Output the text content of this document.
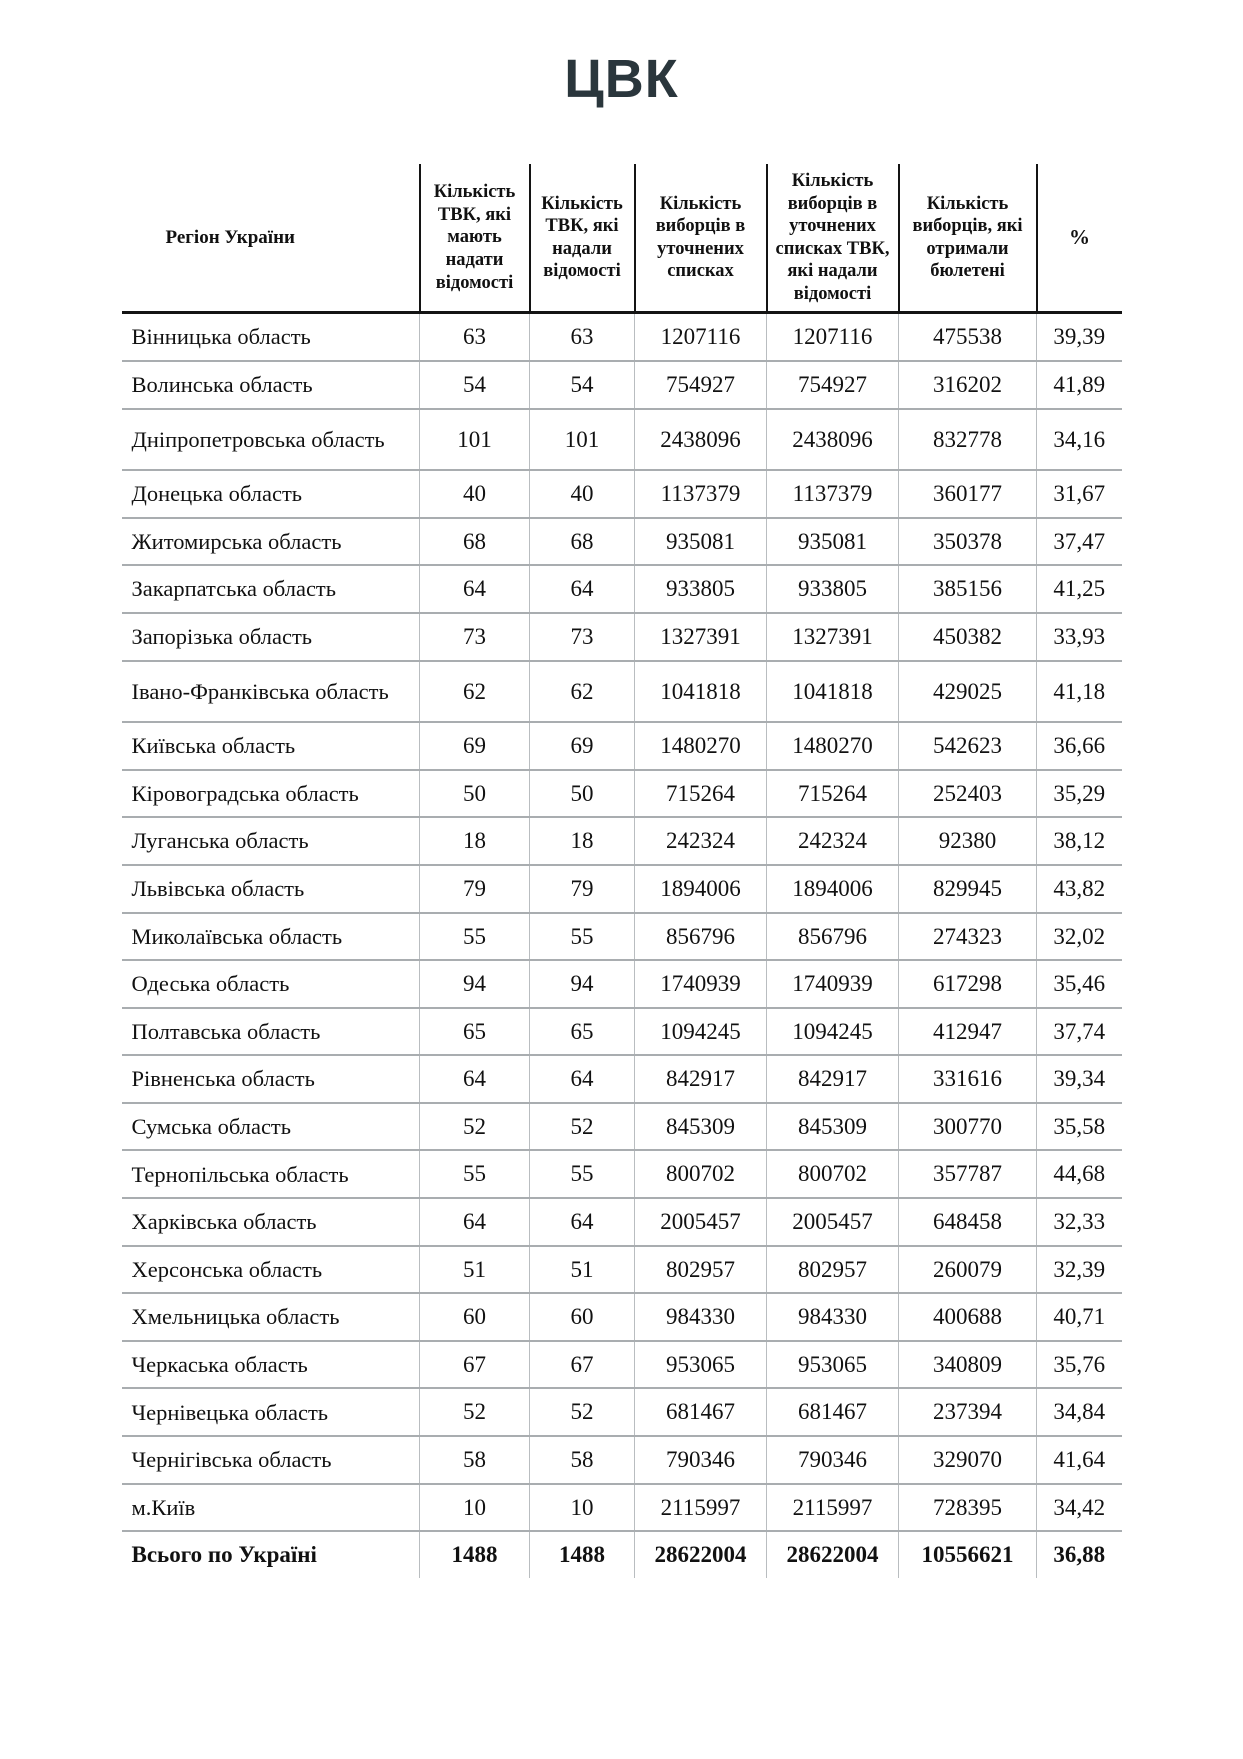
ЦВК
Регіон України	Кількість ТВК, які мають надати відомості	Кількість ТВК, які надали відомості	Кількість виборців в уточнених списках	Кількість виборців в уточнених списках ТВК, які надали відомості	Кількість виборців, які отримали бюлетені	%
Вінницька область	63	63	1207116	1207116	475538	39,39
Волинська область	54	54	754927	754927	316202	41,89
Дніпропетровська область	101	101	2438096	2438096	832778	34,16
Донецька область	40	40	1137379	1137379	360177	31,67
Житомирська область	68	68	935081	935081	350378	37,47
Закарпатська область	64	64	933805	933805	385156	41,25
Запорізька область	73	73	1327391	1327391	450382	33,93
Івано-Франківська область	62	62	1041818	1041818	429025	41,18
Київська область	69	69	1480270	1480270	542623	36,66
Кіровоградська область	50	50	715264	715264	252403	35,29
Луганська область	18	18	242324	242324	92380	38,12
Львівська область	79	79	1894006	1894006	829945	43,82
Миколаївська область	55	55	856796	856796	274323	32,02
Одеська область	94	94	1740939	1740939	617298	35,46
Полтавська область	65	65	1094245	1094245	412947	37,74
Рівненська область	64	64	842917	842917	331616	39,34
Сумська область	52	52	845309	845309	300770	35,58
Тернопільська область	55	55	800702	800702	357787	44,68
Харківська область	64	64	2005457	2005457	648458	32,33
Херсонська область	51	51	802957	802957	260079	32,39
Хмельницька область	60	60	984330	984330	400688	40,71
Черкаська область	67	67	953065	953065	340809	35,76
Чернівецька область	52	52	681467	681467	237394	34,84
Чернігівська область	58	58	790346	790346	329070	41,64
м.Київ	10	10	2115997	2115997	728395	34,42
Всього по Україні	1488	1488	28622004	28622004	10556621	36,88
